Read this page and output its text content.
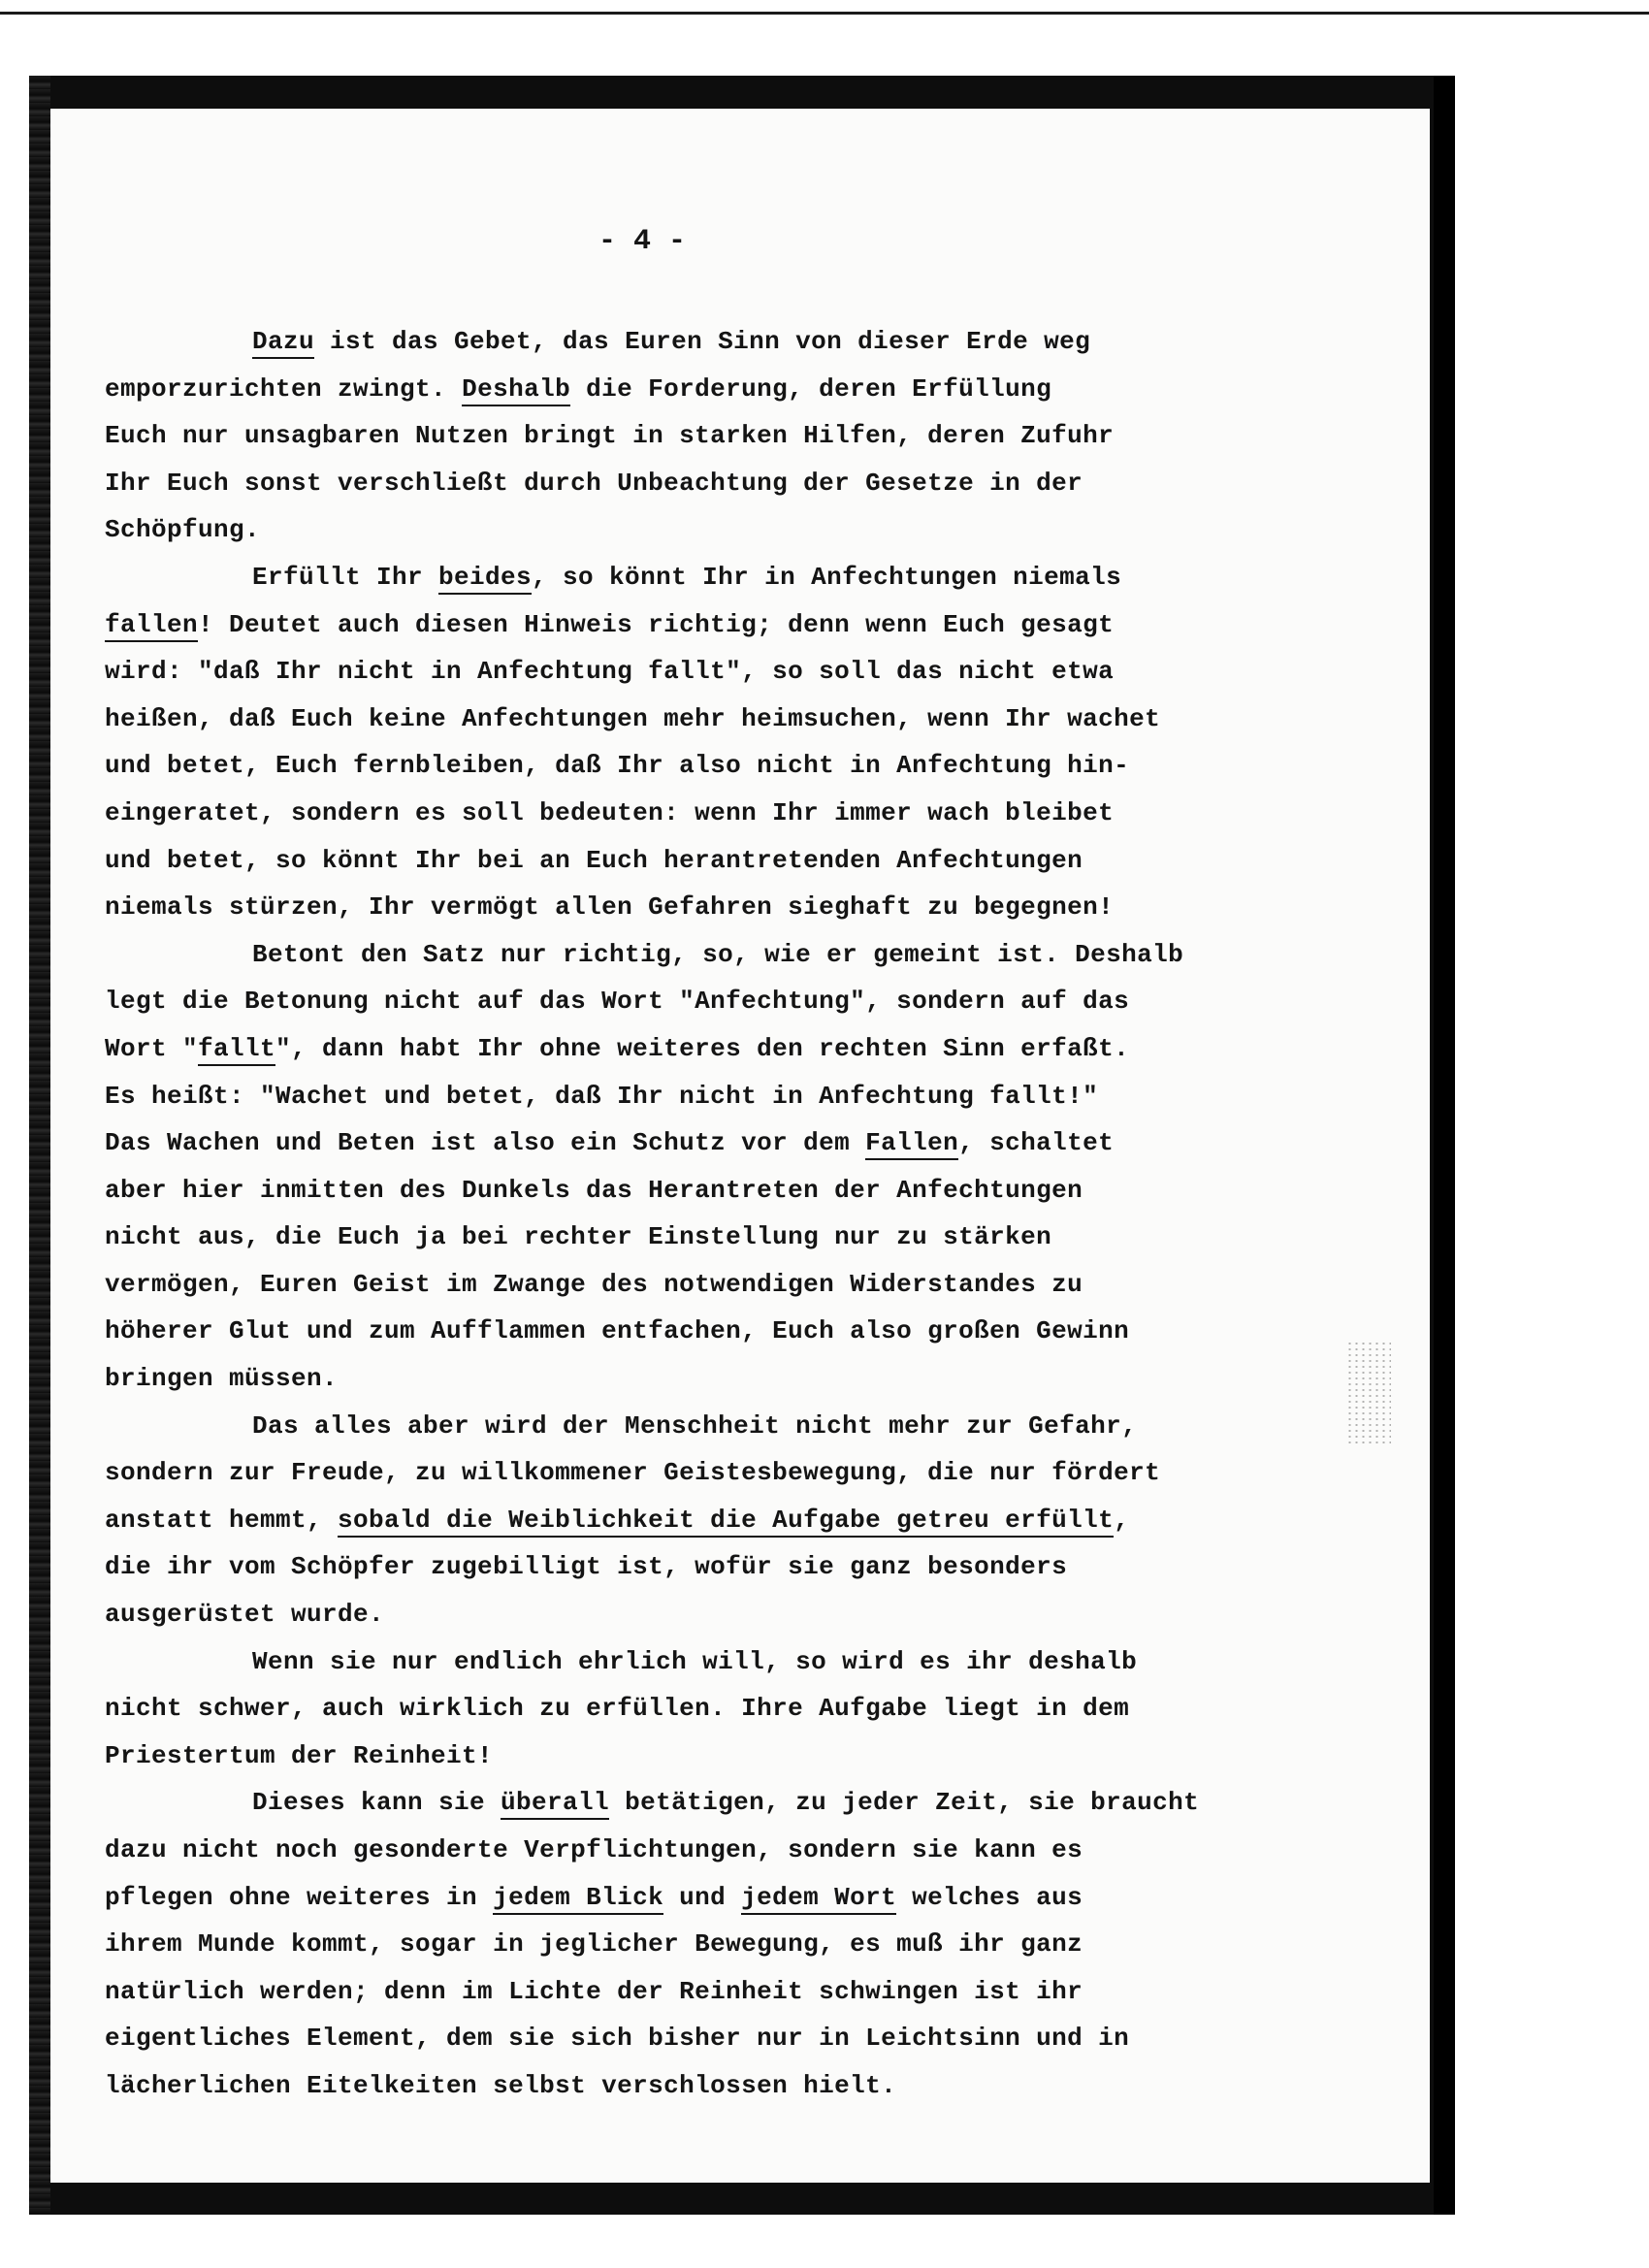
- 4 -
Dazu ist das Gebet, das Euren Sinn von dieser Erde weg
emporzurichten zwingt. Deshalb die Forderung, deren Erfüllung
Euch nur unsagbaren Nutzen bringt in starken Hilfen, deren Zufuhr
Ihr Euch sonst verschließt durch Unbeachtung der Gesetze in der
Schöpfung.
Erfüllt Ihr beides, so könnt Ihr in Anfechtungen niemals
fallen! Deutet auch diesen Hinweis richtig; denn wenn Euch gesagt
wird: "daß Ihr nicht in Anfechtung fallt", so soll das nicht etwa
heißen, daß Euch keine Anfechtungen mehr heimsuchen, wenn Ihr wachet
und betet, Euch fernbleiben, daß Ihr also nicht in Anfechtung hin-
eingeratet, sondern es soll bedeuten: wenn Ihr immer wach bleibet
und betet, so könnt Ihr bei an Euch herantretenden Anfechtungen
niemals stürzen, Ihr vermögt allen Gefahren sieghaft zu begegnen!
Betont den Satz nur richtig, so, wie er gemeint ist. Deshalb
legt die Betonung nicht auf das Wort "Anfechtung", sondern auf das
Wort "fallt", dann habt Ihr ohne weiteres den rechten Sinn erfaßt.
Es heißt: "Wachet und betet, daß Ihr nicht in Anfechtung fallt!"
Das Wachen und Beten ist also ein Schutz vor dem Fallen, schaltet
aber hier inmitten des Dunkels das Herantreten der Anfechtungen
nicht aus, die Euch ja bei rechter Einstellung nur zu stärken
vermögen, Euren Geist im Zwange des notwendigen Widerstandes zu
höherer Glut und zum Aufflammen entfachen, Euch also großen Gewinn
bringen müssen.
Das alles aber wird der Menschheit nicht mehr zur Gefahr,
sondern zur Freude, zu willkommener Geistesbewegung, die nur fördert
anstatt hemmt, sobald die Weiblichkeit die Aufgabe getreu erfüllt,
die ihr vom Schöpfer zugebilligt ist, wofür sie ganz besonders
ausgerüstet wurde.
Wenn sie nur endlich ehrlich will, so wird es ihr deshalb
nicht schwer, auch wirklich zu erfüllen. Ihre Aufgabe liegt in dem
Priestertum der Reinheit!
Dieses kann sie überall betätigen, zu jeder Zeit, sie braucht
dazu nicht noch gesonderte Verpflichtungen, sondern sie kann es
pflegen ohne weiteres in jedem Blick und jedem Wort welches aus
ihrem Munde kommt, sogar in jeglicher Bewegung, es muß ihr ganz
natürlich werden; denn im Lichte der Reinheit schwingen ist ihr
eigentliches Element, dem sie sich bisher nur in Leichtsinn und in
lächerlichen Eitelkeiten selbst verschlossen hielt.
